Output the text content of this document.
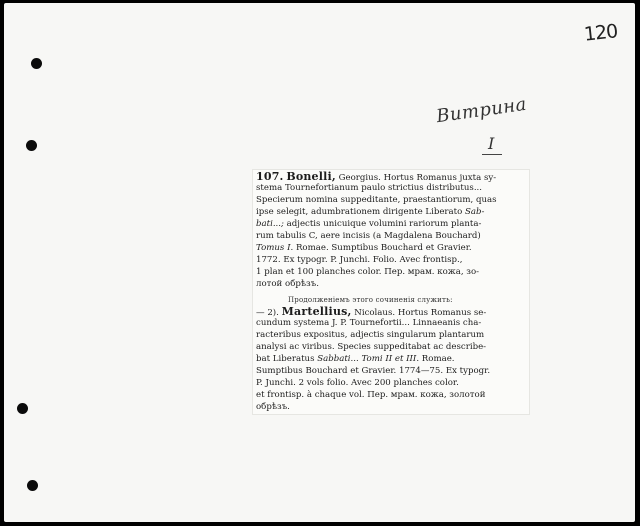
120
Витрина
I
107. Bonelli, Georgius. Hortus Romanus juxta sy-
stema Tournefortianum paulo strictius distributus...
Specierum nomina suppeditante, praestantiorum, quas
ipse selegit, adumbrationem dirigente Liberato Sab-
bati...; adjectis unicuique volumini rariorum planta-
rum tabulis C, aere incisis (a Magdalena Bouchard)
Tomus I. Romae. Sumptibus Bouchard et Gravier.
1772. Ex typogr. P. Junchi. Folio. Avec frontisp.,
1 plan et 100 planches color. Пер. мрам. кожа, зо-
лотой обрѣзъ.
Продолженіемъ этого сочиненія служить:
— 2). Martellius, Nicolaus. Hortus Romanus se-
cundum systema J. P. Tournefortii... Linnaeanis cha-
racteribus expositus, adjectis singularum plantarum
analysi ac viribus. Species suppeditabat ac describe-
bat Liberatus Sabbati... Tomi II et III. Romae.
Sumptibus Bouchard et Gravier. 1774—75. Ex typogr.
P. Junchi. 2 vols folio. Avec 200 planches color.
et frontisp. à chaque vol. Пер. мрам. кожа, золотой
обрѣзъ.
